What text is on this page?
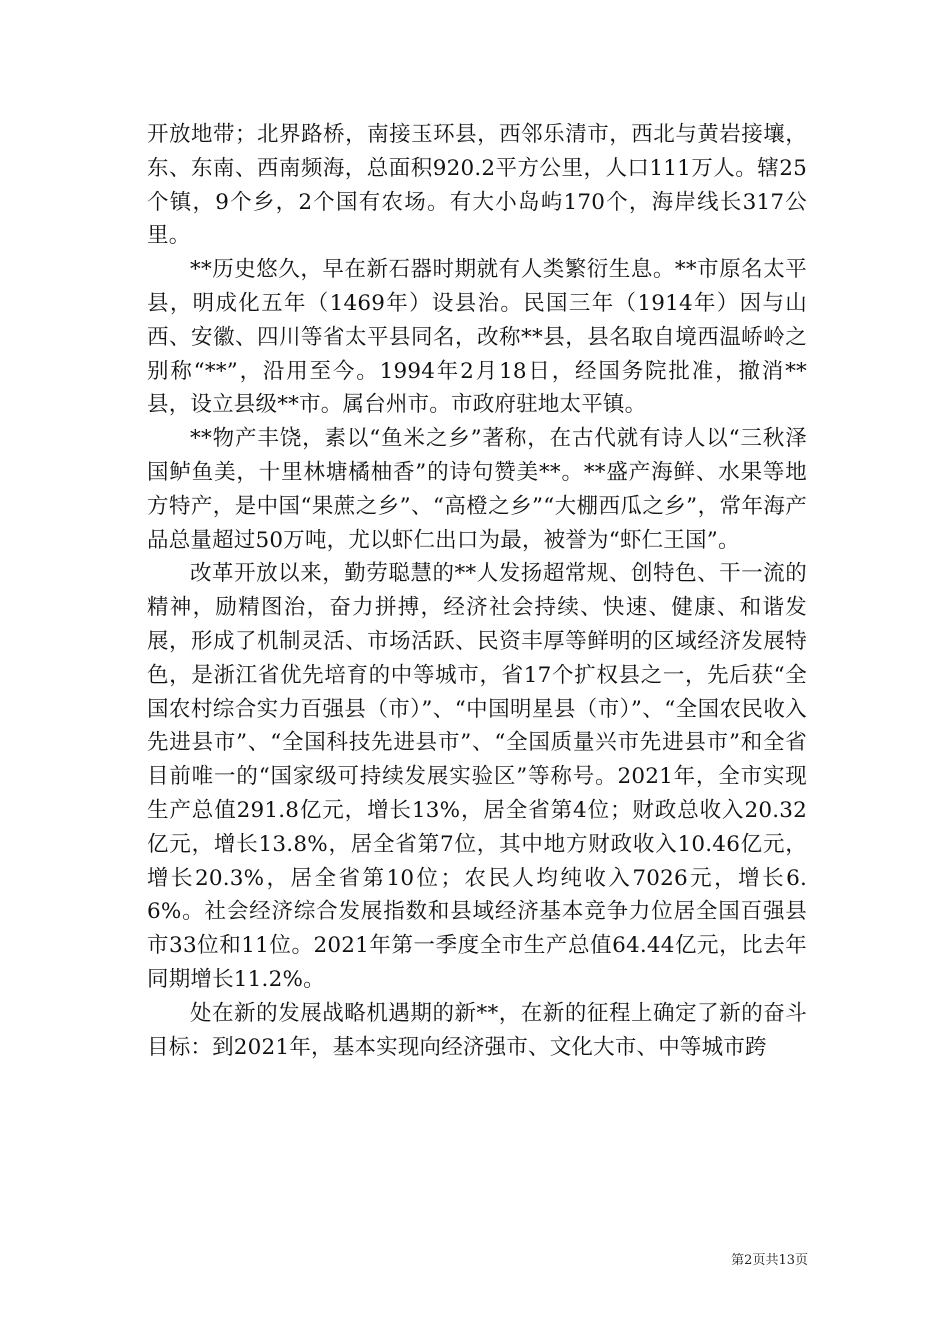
开放地带；北界路桥，南接玉环县，西邻乐清市，西北与黄岩接壤，东、东南、西南频海，总面积920.2平方公里，人口111万人。辖25个镇，9个乡，2个国有农场。有大小岛屿170个，海岸线长317公里。

**历史悠久，早在新石器时期就有人类繁衍生息。**市原名太平县，明成化五年（1469年）设县治。民国三年（1914年）因与山西、安徽、四川等省太平县同名，改称**县，县名取自境西温峤岭之别称“**”，沿用至今。1994年2月18日，经国务院批准，撤消**县，设立县级**市。属台州市。市政府驻地太平镇。

**物产丰饶，素以“鱼米之乡”著称，在古代就有诗人以“三秋泽国鲈鱼美，十里林塘橘柚香”的诗句赞美**。**盛产海鲜、水果等地方特产，是中国“果蔗之乡”、“高橙之乡”“大棚西瓜之乡”，常年海产品总量超过50万吨，尤以虾仁出口为最，被誉为“虾仁王国”。

改革开放以来，勤劳聪慧的**人发扬超常规、创特色、干一流的精神，励精图治，奋力拼搏，经济社会持续、快速、健康、和谐发展，形成了机制灵活、市场活跃、民资丰厚等鲜明的区域经济发展特色，是浙江省优先培育的中等城市，省17个扩权县之一，先后获“全国农村综合实力百强县（市）”、“中国明星县（市）”、“全国农民收入先进县市”、“全国科技先进县市”、“全国质量兴市先进县市”和全省目前唯一的“国家级可持续发展实验区”等称号。2021年，全市实现生产总值291.8亿元，增长13%，居全省第4位；财政总收入20.32亿元，增长13.8%，居全省第7位，其中地方财政收入10.46亿元，增长20.3%，居全省第10位；农民人均纯收入7026元，增长6.6%。社会经济综合发展指数和县域经济基本竞争力位居全国百强县市33位和11位。2021年第一季度全市生产总值64.44亿元，比去年同期增长11.2%。

处在新的发展战略机遇期的新**，在新的征程上确定了新的奋斗目标：到2021年，基本实现向经济强市、文化大市、中等城市跨

第2页共13页
